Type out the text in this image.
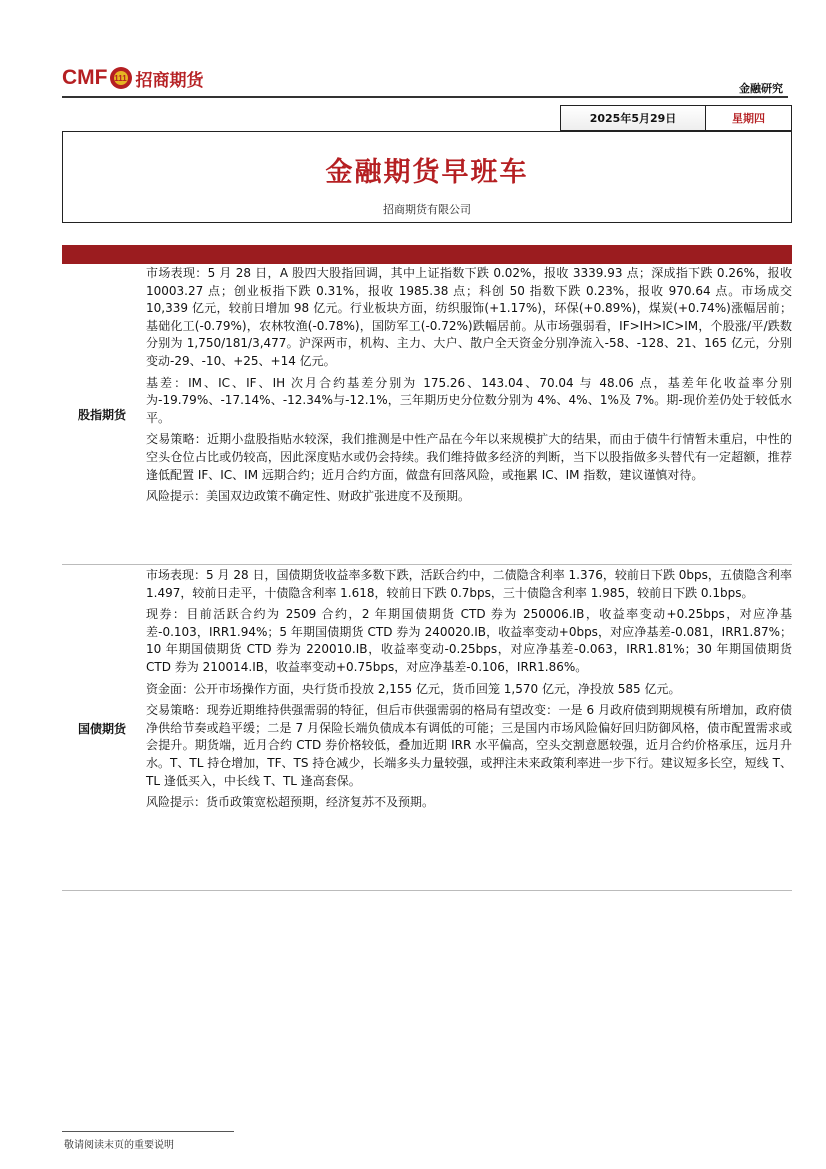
CMF 111 招商期货	金融研究
2025年5月29日	星期四
金融期货早班车
招商期货有限公司
股指期货

市场表现：5 月 28 日，A 股四大股指回调，其中上证指数下跌 0.02%，报收 3339.93 点；深成指下跌 0.26%，报收 10003.27 点；创业板指下跌 0.31%，报收 1985.38 点；科创 50 指数下跌 0.23%，报收 970.64 点。市场成交 10,339 亿元，较前日增加 98 亿元。行业板块方面，纺织服饰(+1.17%)，环保(+0.89%)，煤炭(+0.74%)涨幅居前；基础化工(-0.79%)，农林牧渔(-0.78%)，国防军工(-0.72%)跌幅居前。从市场强弱看，IF>IH>IC>IM，个股涨/平/跌数分别为 1,750/181/3,477。沪深两市，机构、主力、大户、散户全天资金分别净流入-58、-128、21、165 亿元，分别变动-29、-10、+25、+14 亿元。

基差：IM、IC、IF、IH 次月合约基差分别为 175.26、143.04、70.04 与 48.06 点，基差年化收益率分别为-19.79%、-17.14%、-12.34%与-12.1%，三年期历史分位数分别为 4%、4%、1%及 7%。期-现价差仍处于较低水平。

交易策略：近期小盘股指贴水较深，我们推测是中性产品在今年以来规模扩大的结果，而由于债牛行情暂未重启，中性的空头仓位占比或仍较高，因此深度贴水或仍会持续。我们维持做多经济的判断，当下以股指做多头替代有一定超额，推荐逢低配置 IF、IC、IM 远期合约；近月合约方面，做盘有回落风险，或拖累 IC、IM 指数，建议谨慎对待。

风险提示：美国双边政策不确定性、财政扩张进度不及预期。

国债期货

市场表现：5 月 28 日，国债期货收益率多数下跌，活跃合约中，二债隐含利率 1.376，较前日下跌 0bps，五债隐含利率 1.497，较前日走平，十债隐含利率 1.618，较前日下跌 0.7bps，三十债隐含利率 1.985，较前日下跌 0.1bps。

现券：目前活跃合约为 2509 合约，2 年期国债期货 CTD 券为 250006.IB，收益率变动+0.25bps，对应净基差-0.103，IRR1.94%；5 年期国债期货 CTD 券为 240020.IB，收益率变动+0bps，对应净基差-0.081，IRR1.87%；10 年期国债期货 CTD 券为 220010.IB，收益率变动-0.25bps，对应净基差-0.063，IRR1.81%；30 年期国债期货 CTD 券为 210014.IB，收益率变动+0.75bps，对应净基差-0.106，IRR1.86%。

资金面：公开市场操作方面，央行货币投放 2,155 亿元，货币回笼 1,570 亿元，净投放 585 亿元。

交易策略：现券近期维持供强需弱的特征，但后市供强需弱的格局有望改变：一是 6 月政府债到期规模有所增加，政府债净供给节奏或趋平缓；二是 7 月保险长端负债成本有调低的可能；三是国内市场风险偏好回归防御风格，债市配置需求或会提升。期货端，近月合约 CTD 券价格较低，叠加近期 IRR 水平偏高，空头交割意愿较强，近月合约价格承压，远月升水。T、TL 持仓增加，TF、TS 持仓减少，长端多头力量较强，或押注未来政策利率进一步下行。建议短多长空，短线 T、TL 逢低买入，中长线 T、TL 逢高套保。

风险提示：货币政策宽松超预期，经济复苏不及预期。

敬请阅读末页的重要说明
